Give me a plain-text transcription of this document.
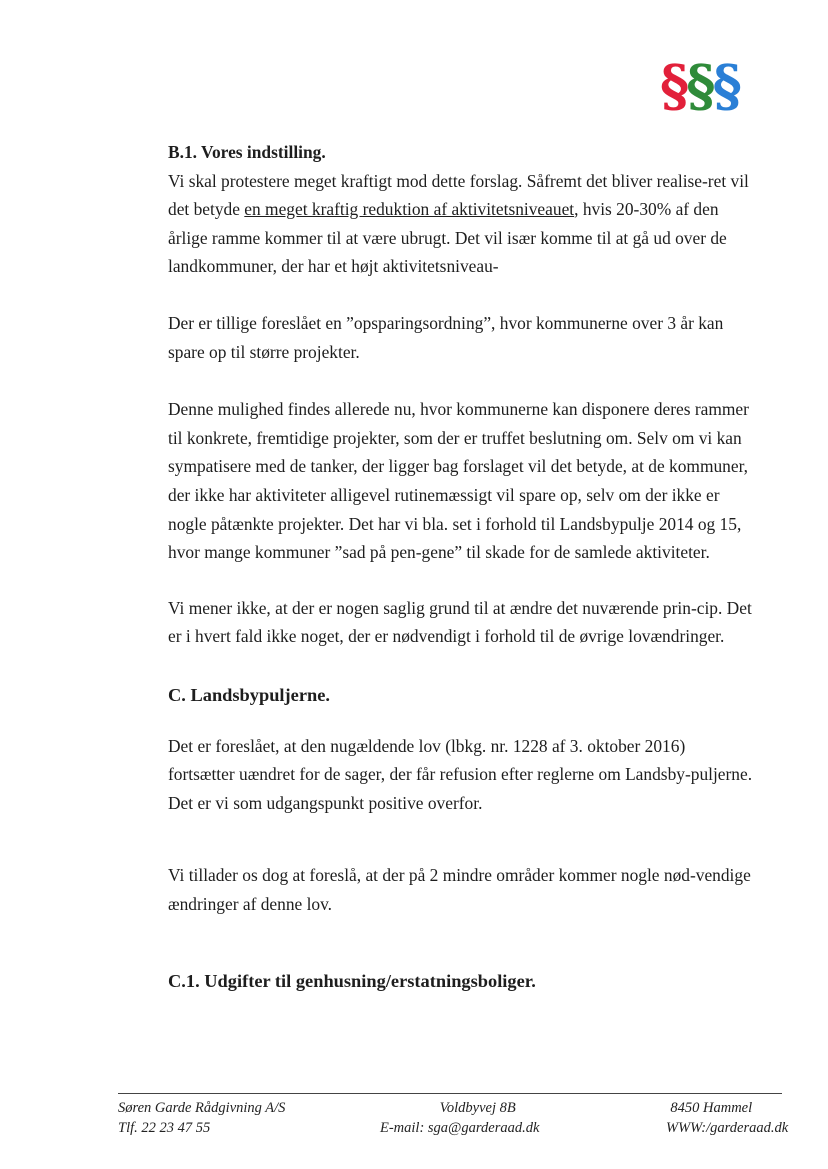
§§§

B.1. Vores indstilling.

Vi skal protestere meget kraftigt mod dette forslag. Såfremt det bliver realise-ret vil det betyde en meget kraftig reduktion af aktivitetsniveauet, hvis 20-30% af den årlige ramme kommer til at være ubrugt. Det vil især komme til at gå ud over de landkommuner, der har et højt aktivitetsniveau-

Der er tillige foreslået en ”opsparingsordning”, hvor kommunerne over 3 år kan spare op til større projekter.

Denne mulighed findes allerede nu, hvor kommunerne kan disponere deres rammer til konkrete, fremtidige projekter, som der er truffet beslutning om. Selv om vi kan sympatisere med de tanker, der ligger bag forslaget vil det betyde, at de kommuner, der ikke har aktiviteter alligevel rutinemæssigt vil spare op, selv om der ikke er nogle påtænkte projekter. Det har vi bla. set i forhold til Landsbypulje 2014 og 15, hvor mange kommuner ”sad på pen-gene” til skade for de samlede aktiviteter.

Vi mener ikke, at der er nogen saglig grund til at ændre det nuværende prin-cip. Det er i hvert fald ikke noget, der er nødvendigt i forhold til de øvrige lovændringer.

C. Landsbypuljerne.

Det er foreslået, at den nugældende lov (lbkg. nr. 1228 af 3. oktober 2016) fortsætter uændret for de sager, der får refusion efter reglerne om Landsby-puljerne. Det er vi som udgangspunkt positive overfor.

Vi tillader os dog at foreslå, at der på 2 mindre områder kommer nogle nød-vendige ændringer af denne lov.

C.1. Udgifter til genhusning/erstatningsboliger.

Søren Garde Rådgivning A/S
Tlf. 22 23 47 55
Voldbyvej 8B
E-mail: sga@garderaad.dk
8450 Hammel
WWW:/garderaad.dk
